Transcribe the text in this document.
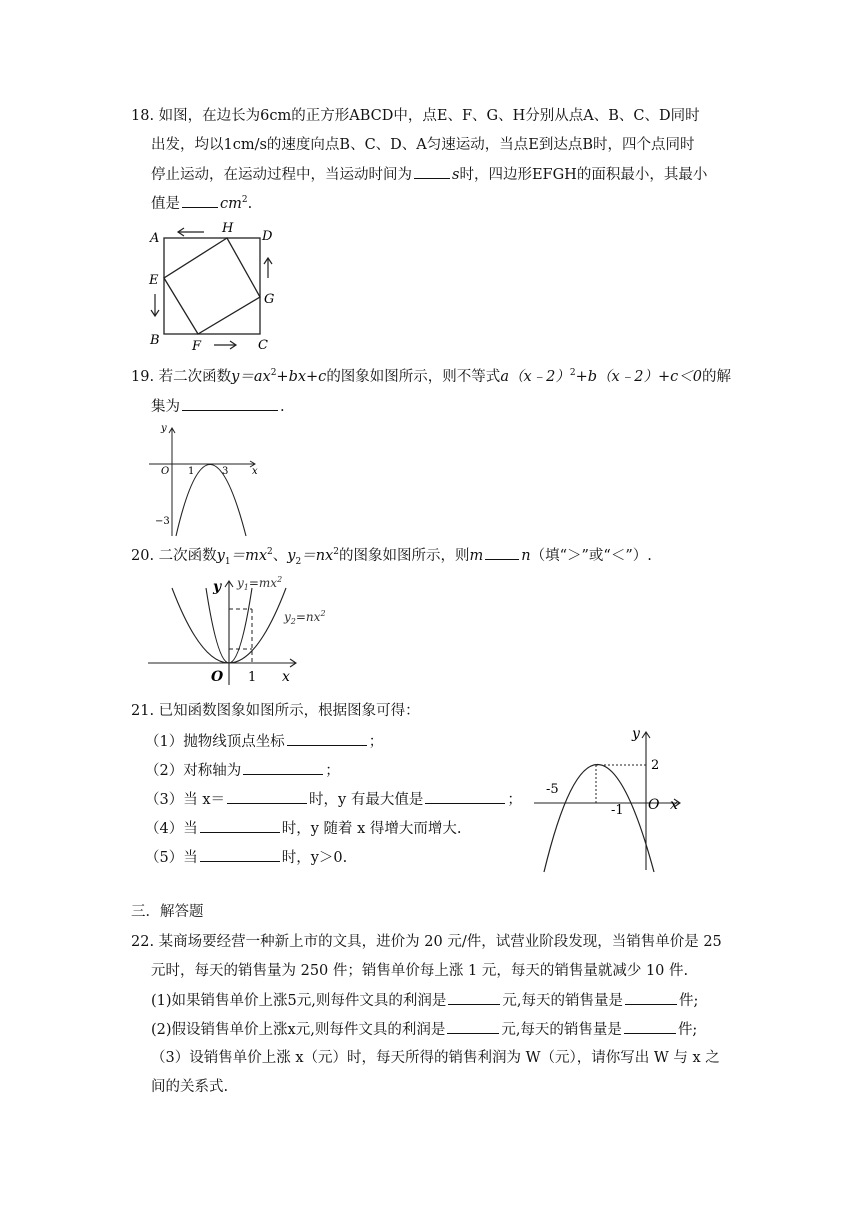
18. 如图，在边长为6cm的正方形ABCD中，点E、F、G、H分别从点A、B、C、D同时
出发，均以1cm/s的速度向点B、C、D、A匀速运动，当点E到达点B时，四个点同时
停止运动，在运动过程中，当运动时间为	s时，四边形EFGH的面积最小，其最小
值是	$cm^2$.
A
H
D
E
G
B F	C
19. 若二次函数$y=ax^2+bx+c$的图象如图所示，则不等式a（x﹣2）$^2$+b（x﹣2）+c＜0的解
集为	.
y
O 1	3 x
−3
20. 二次函数$y_1=mx^2$、$y_2=nx^2$的图象如图所示，则m	n（填“＞”或“＜”）.
y $y_1=mx^2$
$y_2=nx^2$
O 1 x
21. 已知函数图象如图所示，根据图象可得：
（1）抛物线顶点坐标	；
（2）对称轴为	；
（3）当 x＝	时，y 有最大值是	；
（4）当	时，y 随着 x 得增大而增大.
（5）当	时，y＞0.
y
2
-5
-1 O x
三．解答题
22. 某商场要经营一种新上市的文具，进价为 20 元/件，试营业阶段发现，当销售单价是 25
元时，每天的销售量为 250 件；销售单价每上涨 1 元，每天的销售量就减少 10 件.
(1)如果销售单价上涨5元,则每件文具的利润是	元,每天的销售量是	件;
(2)假设销售单价上涨x元,则每件文具的利润是	元,每天的销售量是	件;
（3）设销售单价上涨 x（元）时，每天所得的销售利润为 W（元），请你写出 W 与 x 之
间的关系式.
